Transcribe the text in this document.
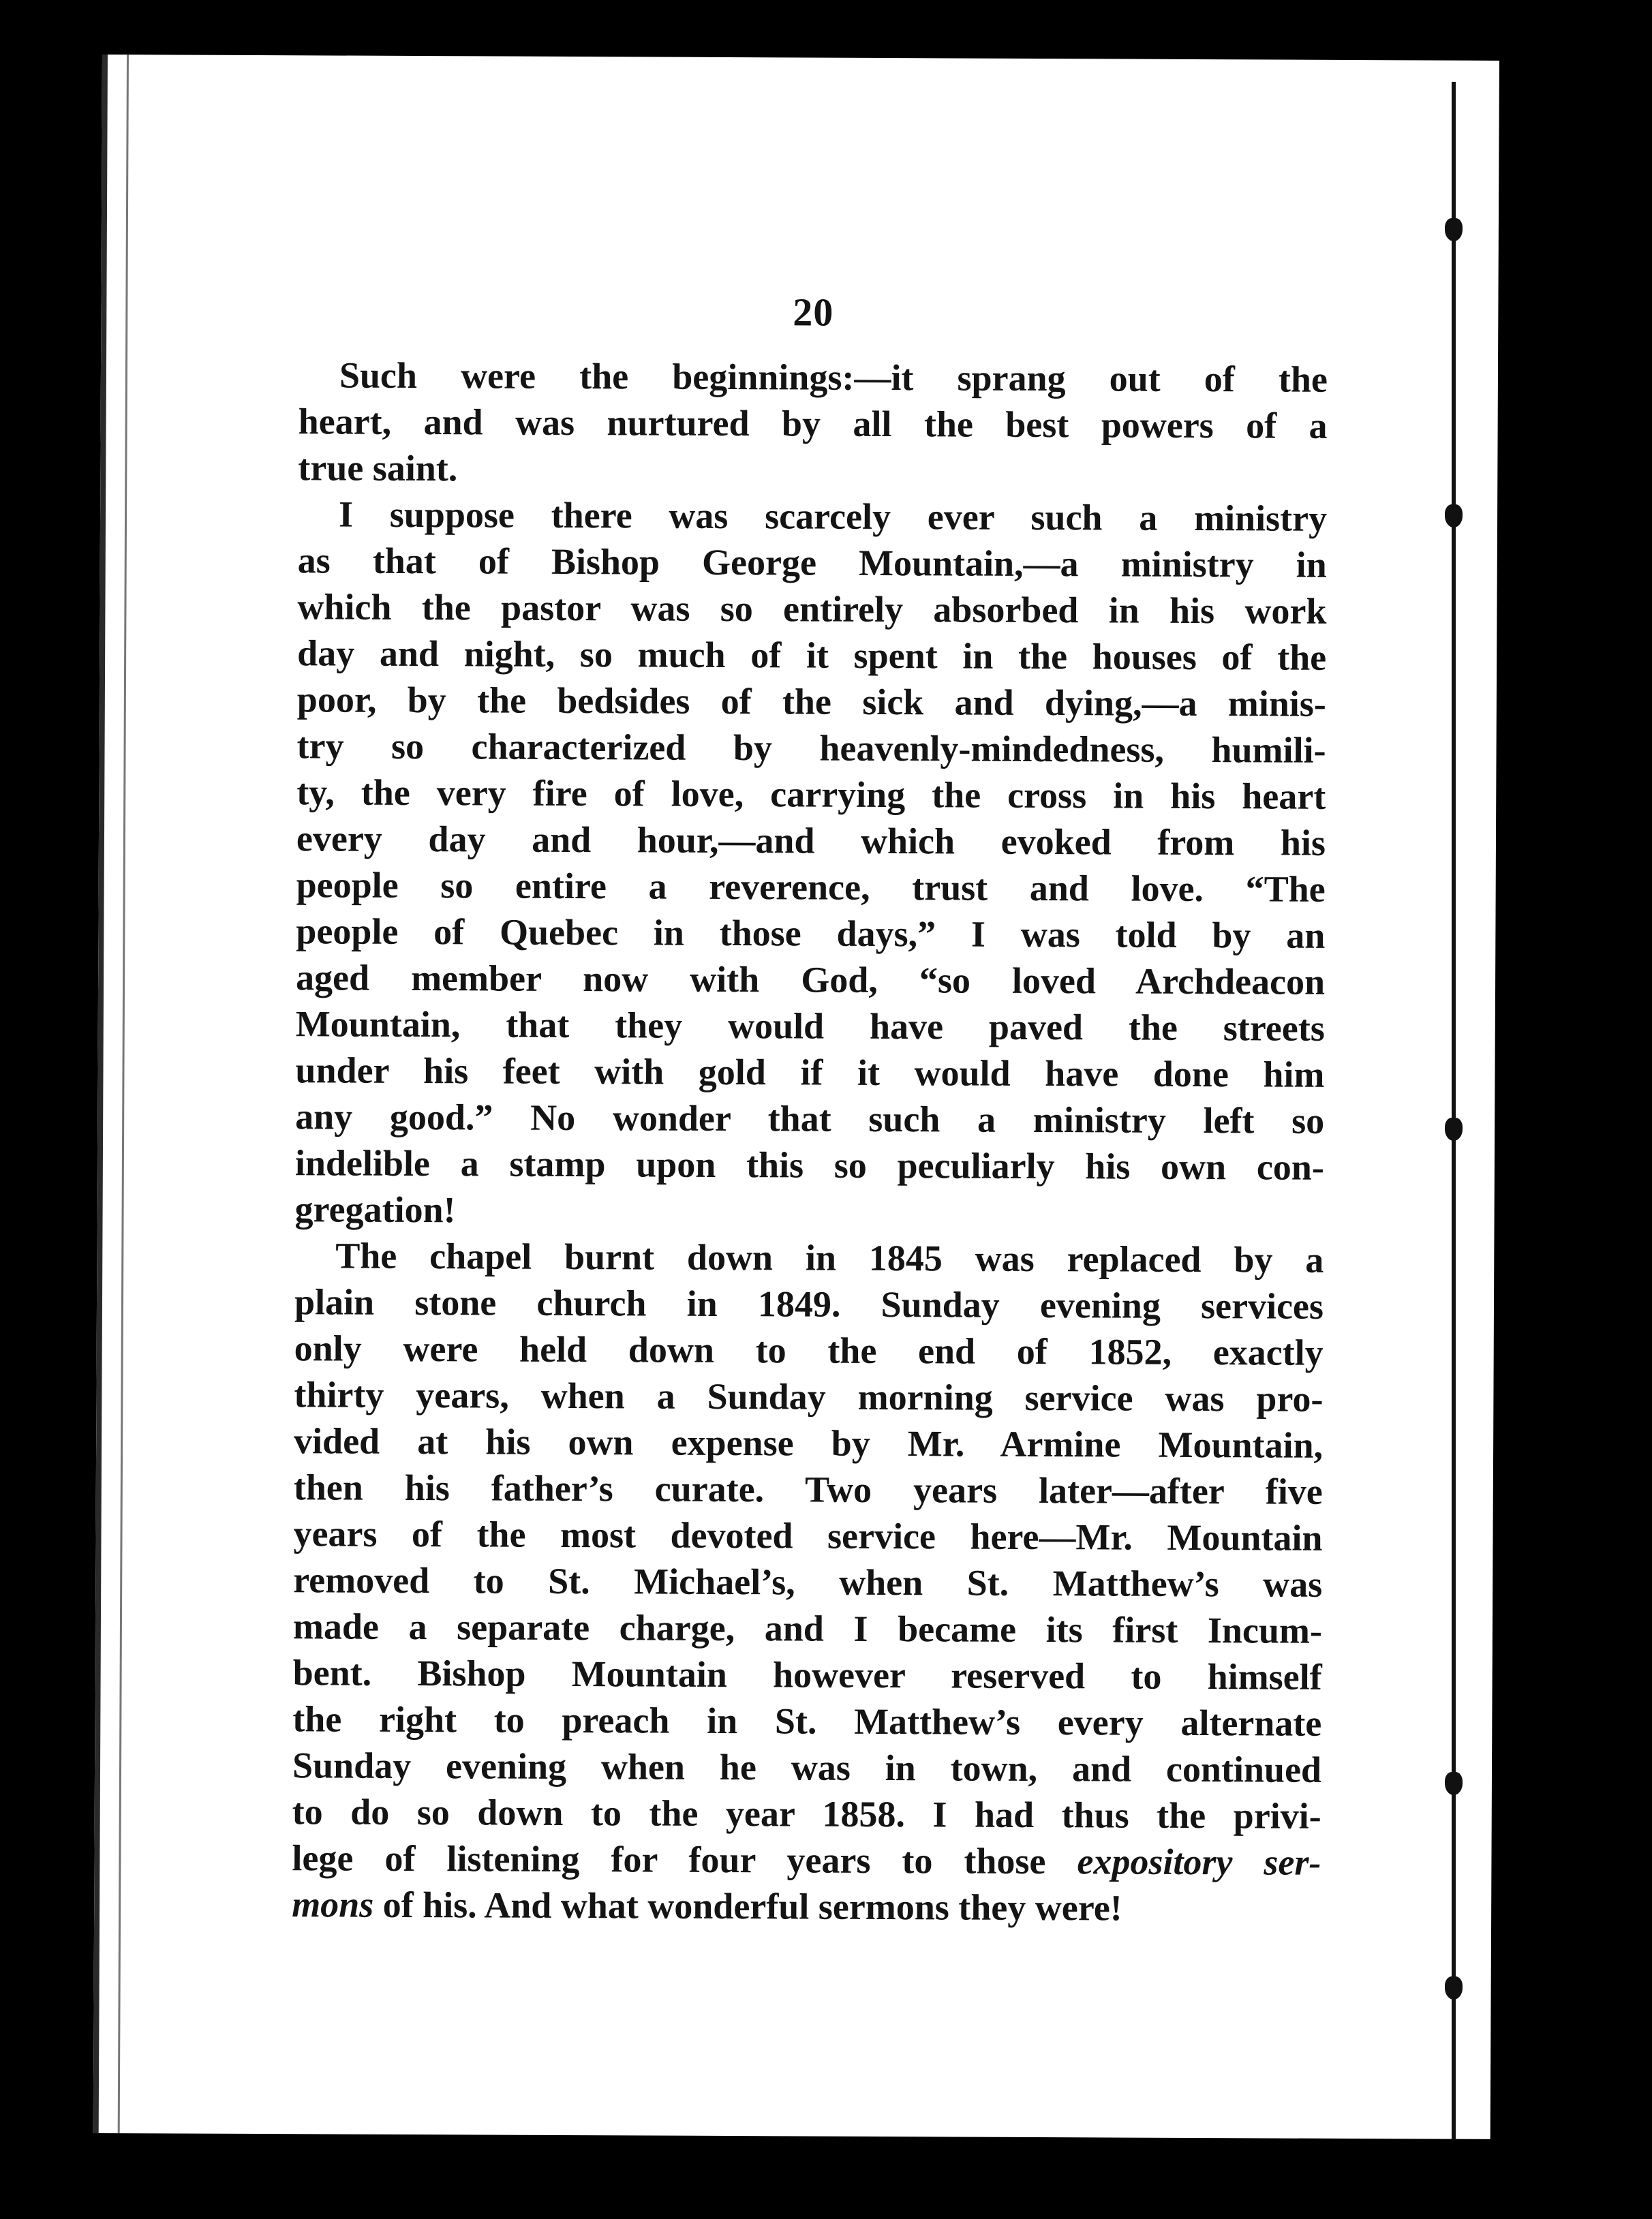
20
Such were the beginnings:—it sprang out of the
heart, and was nurtured by all the best powers of a
true saint.
I suppose there was scarcely ever such a ministry
as that of Bishop George Mountain,—a ministry in
which the pastor was so entirely absorbed in his work
day and night, so much of it spent in the houses of the
poor, by the bedsides of the sick and dying,—a minis-
try so characterized by heavenly-mindedness, humili-
ty, the very fire of love, carrying the cross in his heart
every day and hour,—and which evoked from his
people so entire a reverence, trust and love. “The
people of Quebec in those days,” I was told by an
aged member now with God, “so loved Archdeacon
Mountain, that they would have paved the streets
under his feet with gold if it would have done him
any good.” No wonder that such a ministry left so
indelible a stamp upon this so peculiarly his own con-
gregation!
The chapel burnt down in 1845 was replaced by a
plain stone church in 1849. Sunday evening services
only were held down to the end of 1852, exactly
thirty years, when a Sunday morning service was pro-
vided at his own expense by Mr. Armine Mountain,
then his father’s curate. Two years later—after five
years of the most devoted service here—Mr. Mountain
removed to St. Michael’s, when St. Matthew’s was
made a separate charge, and I became its first Incum-
bent. Bishop Mountain however reserved to himself
the right to preach in St. Matthew’s every alternate
Sunday evening when he was in town, and continued
to do so down to the year 1858. I had thus the privi-
lege of listening for four years to those expository ser-
mons of his. And what wonderful sermons they were!
